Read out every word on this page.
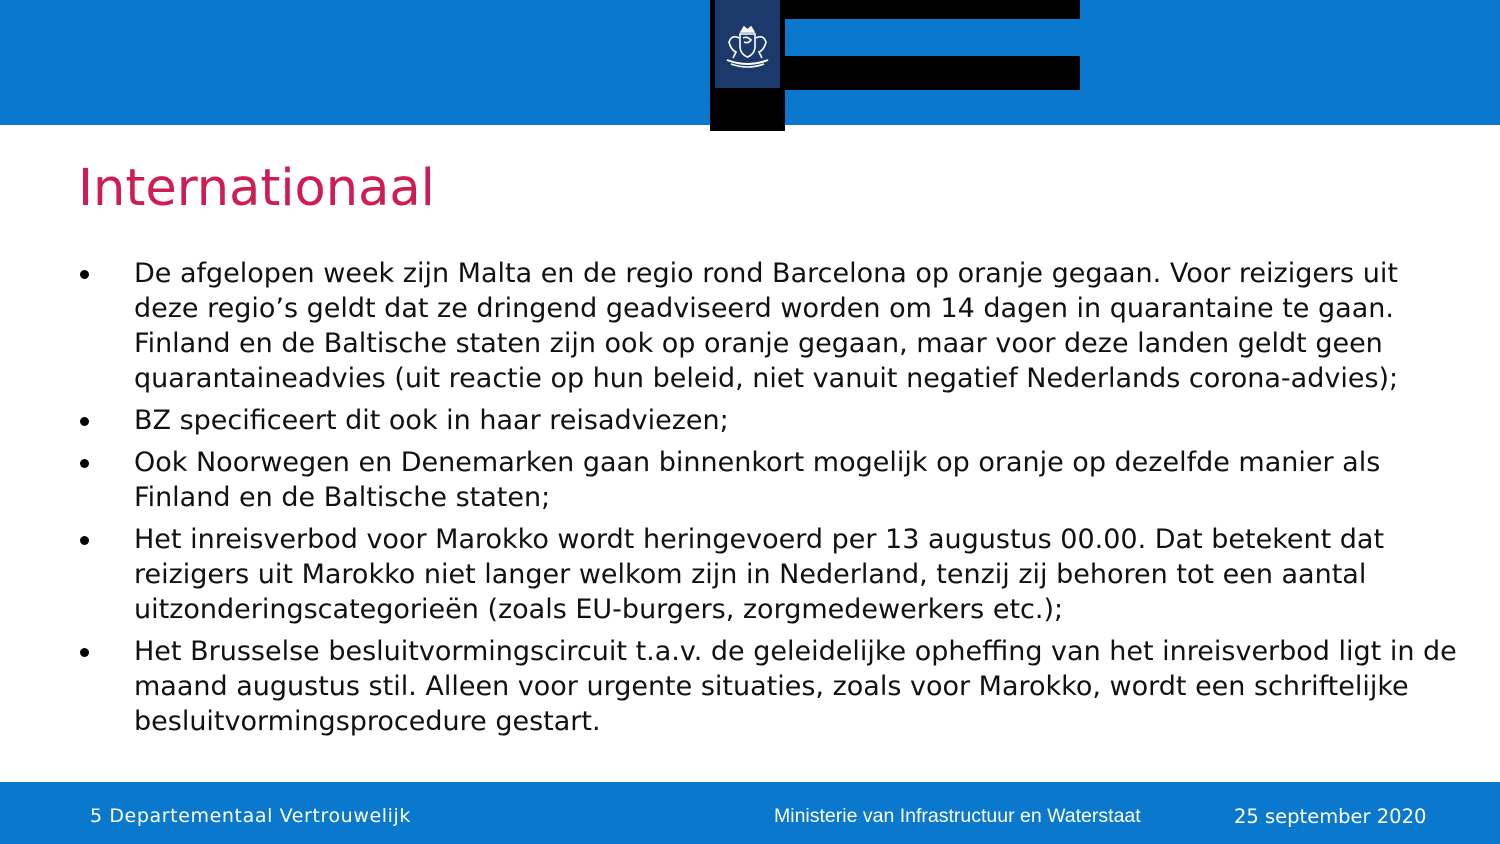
Internationaal
De afgelopen week zijn Malta en de regio rond Barcelona op oranje gegaan. Voor reizigers uit deze regio’s geldt dat ze dringend geadviseerd worden om 14 dagen in quarantaine te gaan. Finland en de Baltische staten zijn ook op oranje gegaan, maar voor deze landen geldt geen quarantaineadvies (uit reactie op hun beleid, niet vanuit negatief Nederlands corona-advies);
BZ specificeert dit ook in haar reisadviezen;
Ook Noorwegen en Denemarken gaan binnenkort mogelijk op oranje op dezelfde manier als Finland en de Baltische staten;
Het inreisverbod voor Marokko wordt heringevoerd per 13 augustus 00.00. Dat betekent dat reizigers uit Marokko niet langer welkom zijn in Nederland, tenzij zij behoren tot een aantal uitzonderingscategorieën (zoals EU-burgers, zorgmedewerkers etc.);
Het Brusselse besluitvormingscircuit t.a.v. de geleidelijke opheffing van het inreisverbod ligt in de maand augustus stil. Alleen voor urgente situaties, zoals voor Marokko, wordt een schriftelijke besluitvormingsprocedure gestart.
5 Departementaal Vertrouwelijk	Ministerie van Infrastructuur en Waterstaat	25 september 2020
